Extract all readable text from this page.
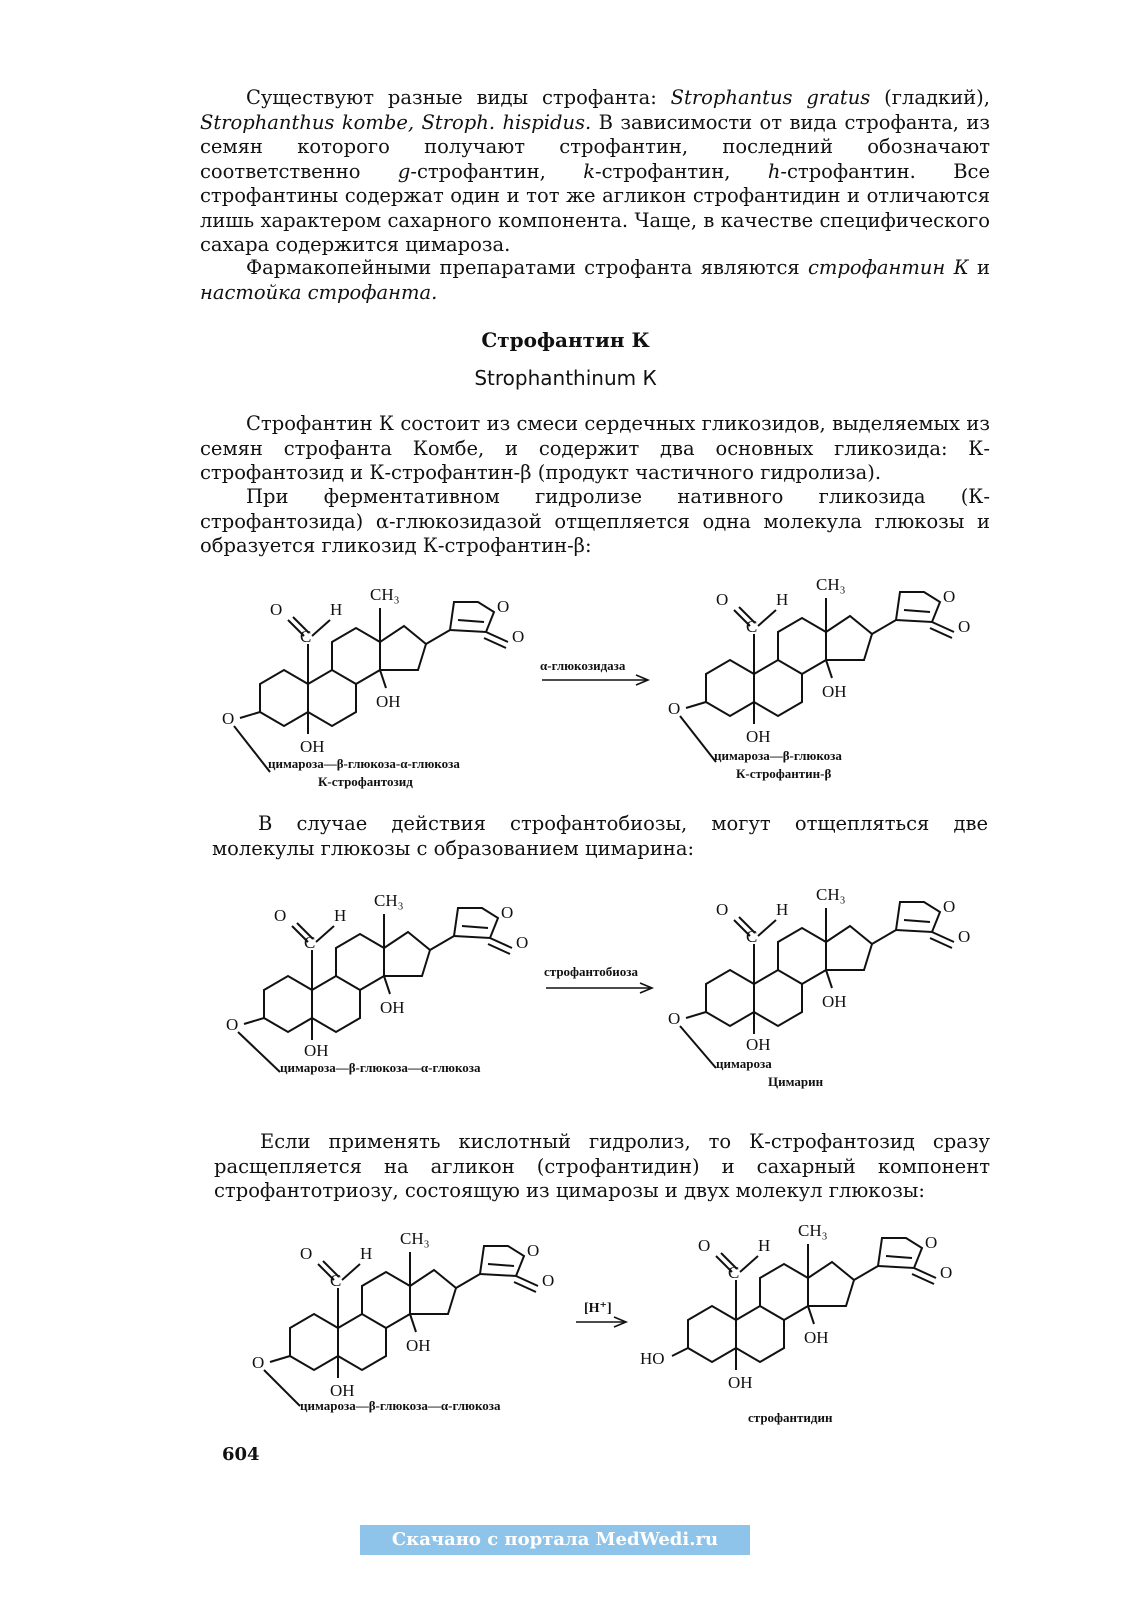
Существуют разные виды строфанта: Strophantus gratus (гладкий), Strophanthus kombe, Stroph. hispidus. В зависимости от вида строфанта, из семян которого получают строфантин, последний обозначают соответственно g-строфантин, k-строфантин, h-строфантин. Все строфантины содержат один и тот же агликон строфантидин и отличаются лишь характером сахарного компонента. Чаще, в качестве специфического сахара содержится цимароза.
Фармакопейными препаратами строфанта являются строфантин К и настойка строфанта.
Строфантин К
Strophanthinum К
Строфантин К состоит из смеси сердечных гликозидов, выделяемых из семян строфанта Комбе, и содержит два основных гликозида: К-строфантозид и К-строфантин-β (продукт частичного гидролиза).
При ферментативном гидролизе нативного гликозида (К-строфантозида) α-глюкозидазой отщепляется одна молекула глюкозы и образуется гликозид К-строфантин-β:
CH₃
O	H
C
OH
OH
O
O
O
цимароза—β-глюкоза-α-глюкоза
К-строфантозид
α-глюкозидаза
CH₃
O	H
C
OH
OH
O
O
O
цимароза—β-глюкоза
К-строфантин-β
В случае действия строфантобиозы, могут отщепляться две молекулы глюкозы с образованием цимарина:
CH₃
O	H
C
OH
OH
O
O
O
цимароза—β-глюкоза—α-глюкоза
строфантобиоза
CH₃
O	H
C
OH
OH
O
O
O
цимароза
Цимарин
Если применять кислотный гидролиз, то К-строфантозид сразу расщепляется на агликон (строфантидин) и сахарный компонент строфантотриозу, состоящую из цимарозы и двух молекул глюкозы:
CH₃
O	H
C
OH
OH
O
O
O
цимароза—β-глюкоза—α-глюкоза
[H⁺]
CH₃
O	H
C
OH
OH
O
O
HO
строфантидин
604
Скачано с портала MedWedi.ru
